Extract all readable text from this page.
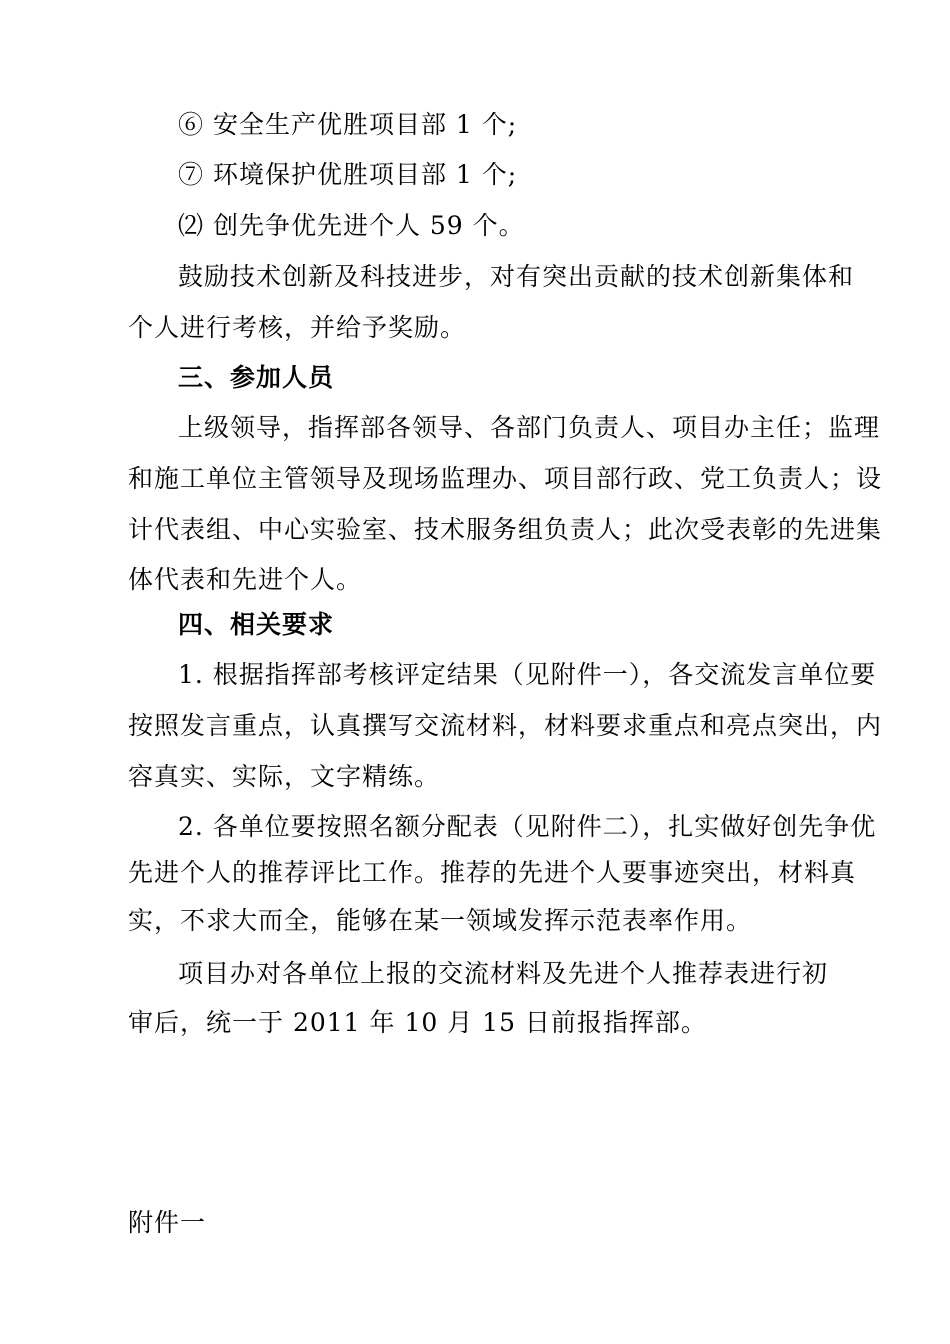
⑥ 安全生产优胜项目部 1 个;
⑦ 环境保护优胜项目部 1 个;
⑵ 创先争优先进个人 59 个。
鼓励技术创新及科技进步，对有突出贡献的技术创新集体和
个人进行考核，并给予奖励。
三、参加人员
上级领导，指挥部各领导、各部门负责人、项目办主任；监理
和施工单位主管领导及现场监理办、项目部行政、党工负责人；设
计代表组、中心实验室、技术服务组负责人；此次受表彰的先进集
体代表和先进个人。
四、相关要求
1. 根据指挥部考核评定结果（见附件一），各交流发言单位要
按照发言重点，认真撰写交流材料，材料要求重点和亮点突出，内
容真实、实际，文字精练。
2. 各单位要按照名额分配表（见附件二），扎实做好创先争优
先进个人的推荐评比工作。推荐的先进个人要事迹突出，材料真
实，不求大而全，能够在某一领域发挥示范表率作用。
项目办对各单位上报的交流材料及先进个人推荐表进行初
审后，统一于 2011 年 10 月 15 日前报指挥部。
附件一
